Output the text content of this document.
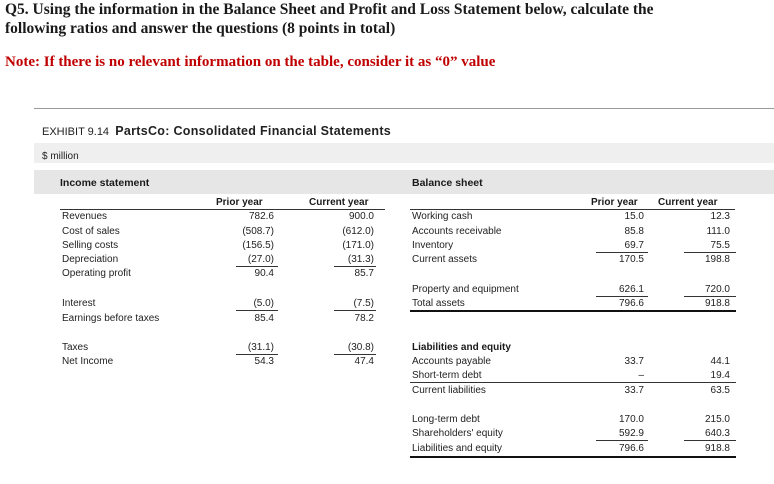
Q5. Using the information in the Balance Sheet and Profit and Loss Statement below, calculate the
following ratios and answer the questions (8 points in total)
Note: If there is no relevant information on the table, consider it as “0” value
EXHIBIT 9.14 PartsCo: Consolidated Financial Statements
$ million
Income statement	Balance sheet
Prior year	Current year	Prior year Current year
Revenues	782.6	900.0
Cost of sales	(508.7)	(612.0)
Selling costs	(156.5)	(171.0)
Depreciation	(27.0)	(31.3)
Operating profit	90.4	85.7
Interest	(5.0)	(7.5)
Earnings before taxes	85.4	78.2
Taxes	(31.1)	(30.8)
Net Income	54.3	47.4
Working cash	15.0	12.3
Accounts receivable	85.8	111.0
Inventory	69.7	75.5
Current assets	170.5	198.8
Property and equipment	626.1	720.0
Total assets	796.6	918.8
Liabilities and equity
Accounts payable	33.7	44.1
Short-term debt	–	19.4
Current liabilities	33.7	63.5
Long-term debt	170.0	215.0
Shareholders' equity	592.9	640.3
Liabilities and equity	796.6	918.8
